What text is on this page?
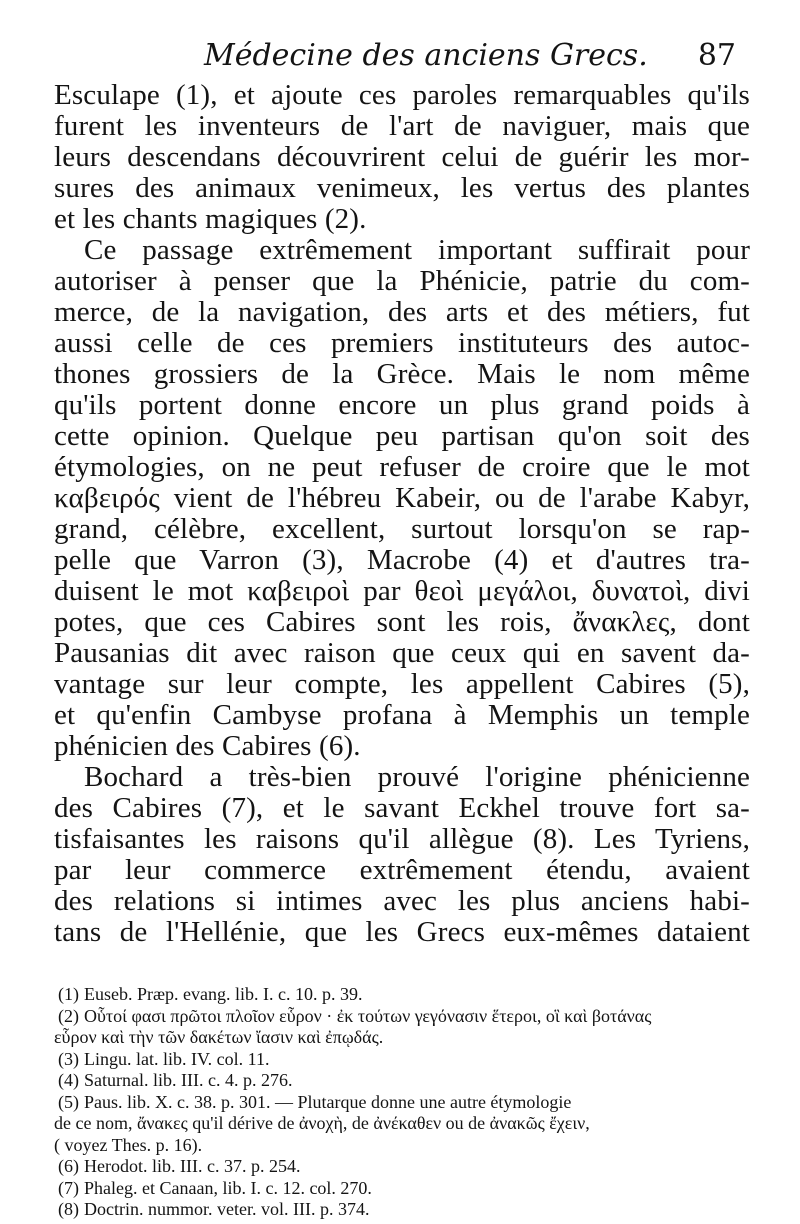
Médecine des anciens Grecs. 87
Esculape (1), et ajoute ces paroles remarquables qu'ils
furent les inventeurs de l'art de naviguer, mais que
leurs descendans découvrirent celui de guérir les mor-
sures des animaux venimeux, les vertus des plantes
et les chants magiques (2).
Ce passage extrêmement important suffirait pour
autoriser à penser que la Phénicie, patrie du com-
merce, de la navigation, des arts et des métiers, fut
aussi celle de ces premiers instituteurs des autoc-
thones grossiers de la Grèce. Mais le nom même
qu'ils portent donne encore un plus grand poids à
cette opinion. Quelque peu partisan qu'on soit des
étymologies, on ne peut refuser de croire que le mot
καβειρός vient de l'hébreu Kabeir, ou de l'arabe Kabyr,
grand, célèbre, excellent, surtout lorsqu'on se rap-
pelle que Varron (3), Macrobe (4) et d'autres tra-
duisent le mot καβειροὶ par θεοὶ μεγάλοι, δυνατοὶ, divi
potes, que ces Cabires sont les rois, ἄνακλες, dont
Pausanias dit avec raison que ceux qui en savent da-
vantage sur leur compte, les appellent Cabires (5),
et qu'enfin Cambyse profana à Memphis un temple
phénicien des Cabires (6).
Bochard a très-bien prouvé l'origine phénicienne
des Cabires (7), et le savant Eckhel trouve fort sa-
tisfaisantes les raisons qu'il allègue (8). Les Tyriens,
par leur commerce extrêmement étendu, avaient
des relations si intimes avec les plus anciens habi-
tans de l'Hellénie, que les Grecs eux-mêmes dataient
(1) Euseb. Præp. evang. lib. I. c. 10. p. 39.
(2) Οὗτοί φασι πρῶτοι πλοῖον εὗρον · ἐκ τούτων γεγόνασιν ἕτεροι, οἳ καὶ βοτάνας
εὗρον καὶ τὴν τῶν δακέτων ἴασιν καὶ ἐπῳδάς.
(3) Lingu. lat. lib. IV. col. 11.
(4) Saturnal. lib. III. c. 4. p. 276.
(5) Paus. lib. X. c. 38. p. 301. — Plutarque donne une autre étymologie
de ce nom, ἄνακες qu'il dérive de ἀνοχὴ, de ἀνέκαθεν ou de ἀνακῶς ἔχειν,
( voyez Thes. p. 16).
(6) Herodot. lib. III. c. 37. p. 254.
(7) Phaleg. et Canaan, lib. I. c. 12. col. 270.
(8) Doctrin. nummor. veter. vol. III. p. 374.
